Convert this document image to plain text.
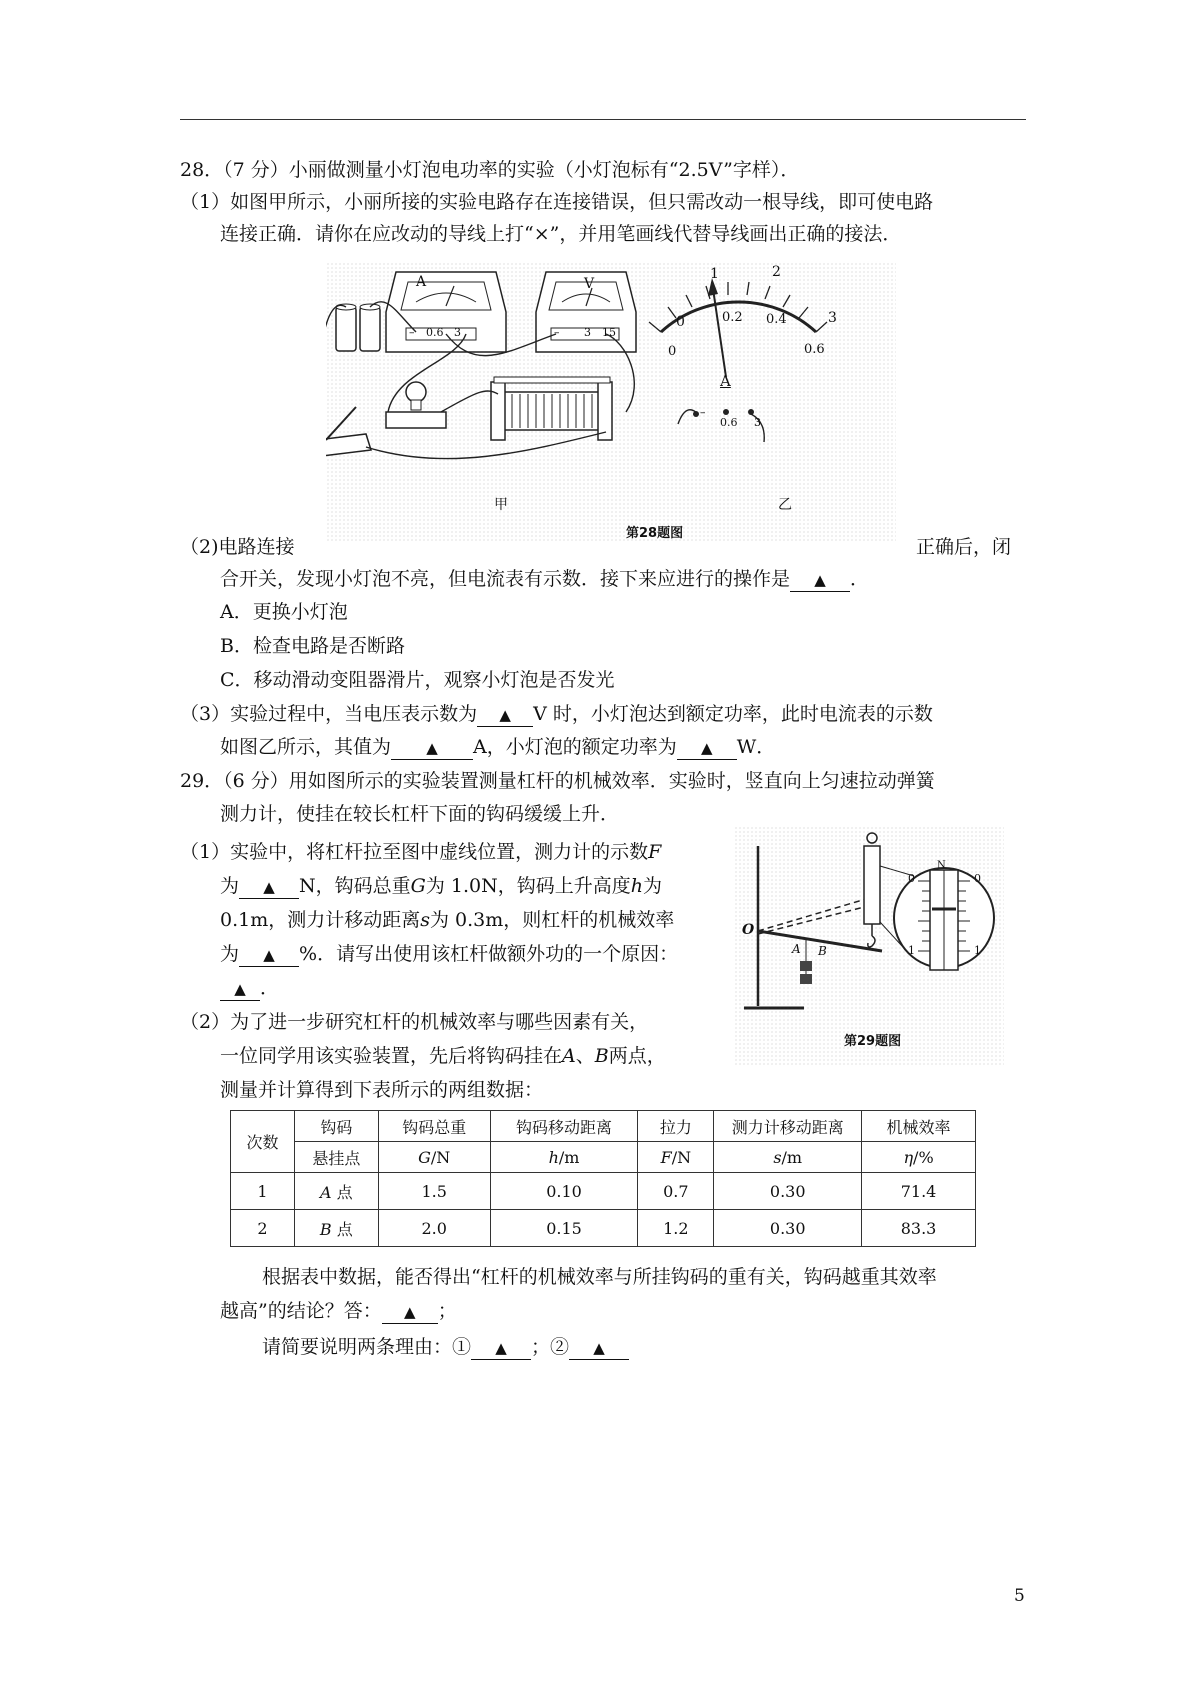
28．（7 分）小丽做测量小灯泡电功率的实验（小灯泡标有“2.5V”字样）．
（1）如图甲所示，小丽所接的实验电路存在连接错误，但只需改动一根导线，即可使电路
连接正确．请你在应改动的导线上打“×”，并用笔画线代替导线画出正确的接法．
A	V
– 0.6 3	– 3 15
0
1	2
3
0
0.2 0.4
0.6
A
–
0.6 3
甲	乙
第28题图
（2)电路连接	正确后，闭
合开关，发现小灯泡不亮，但电流表有示数．接下来应进行的操作是 ▲ ．
A．更换小灯泡
B．检查电路是否断路
C．移动滑动变阻器滑片，观察小灯泡是否发光
（3）实验过程中，当电压表示数为 ▲ V 时，小灯泡达到额定功率，此时电流表的示数
如图乙所示，其值为 ▲ A，小灯泡的额定功率为 ▲ W．
29．（6 分）用如图所示的实验装置测量杠杆的机械效率．实验时，竖直向上匀速拉动弹簧
测力计，使挂在较长杠杆下面的钩码缓缓上升．
（1）实验中，将杠杆拉至图中虚线位置，测力计的示数F
为 ▲ N，钩码总重G为 1.0N，钩码上升高度h为
0.1m，测力计移动距离s为 0.3m，则杠杆的机械效率
为 ▲ %．请写出使用该杠杆做额外功的一个原因：
▲ ．
（2）为了进一步研究杠杆的机械效率与哪些因素有关，
一位同学用该实验装置，先后将钩码挂在A、B两点，
测量并计算得到下表所示的两组数据：
O
A B
0	0
N
1	1
第29题图
次数	钩码	钩码总重	钩码移动距离	拉力	测力计移动距离	机械效率
	悬挂点	G/N	h/m	F/N	s/m	η/%
1	A 点	1.5	0.10	0.7	0.30	71.4
2	B 点	2.0	0.15	1.2	0.30	83.3
根据表中数据，能否得出“杠杆的机械效率与所挂钩码的重有关，钩码越重其效率
越高”的结论？答： ▲ ；
请简要说明两条理由：① ▲ ；② ▲
5
